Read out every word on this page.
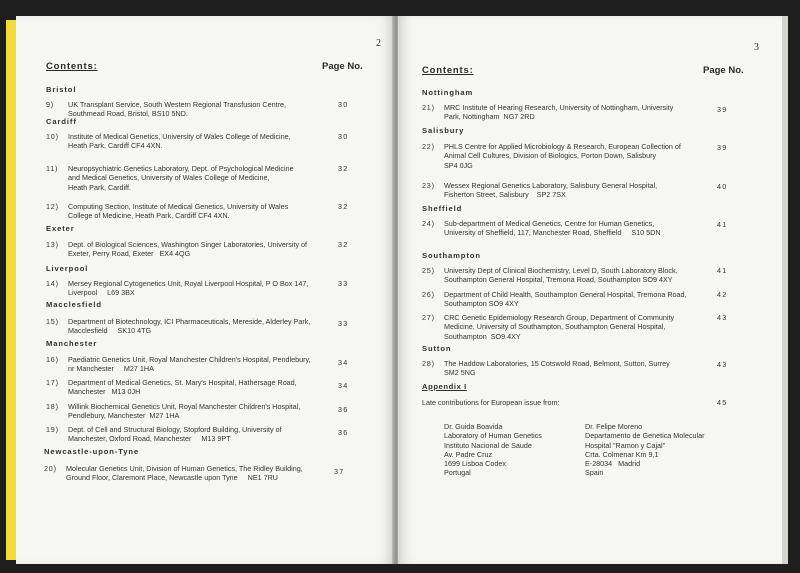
2
Contents:	Page No.
Bristol
9) UK Transplant Service, South Western Regional Transfusion Centre,
Southmead Road, Bristol, BS10 5ND.
30
Cardiff
10) Institute of Medical Genetics, University of Wales College of Medicine,
Heath Park, Cardiff CF4 4XN.
30
11) Neuropsychiatric Genetics Laboratory, Dept. of Psychological Medicine
and Medical Genetics, University of Wales College of Medicine,
Heath Park, Cardiff.
32
12) Computing Section, Institute of Medical Genetics, University of Wales
College of Medicine, Heath Park, Cardiff CF4 4XN.
32
Exeter
13) Dept. of Biological Sciences, Washington Singer Laboratories, University of
Exeter, Perry Road, Exeter   EX4 4QG
32
Liverpool
14) Mersey Regional Cytogenetics Unit, Royal Liverpool Hospital, P O Box 147,
Liverpool     L69 3BX
33
Macclesfield
15) Department of Biotechnology, ICI Pharmaceuticals, Mereside, Alderley Park,
Macclesfield     SK10 4TG
33
Manchester
16) Paediatric Genetics Unit, Royal Manchester Children's Hospital, Pendlebury,
nr Manchester     M27 1HA
34
17) Department of Medical Genetics, St. Mary's Hospital, Hathersage Road,
Manchester   M13 0JH
34
18) Willink Biochemical Genetics Unit, Royal Manchester Children's Hospital,
Pendlebury, Manchester  M27 1HA
36
19) Dept. of Cell and Structural Biology, Stopford Building, University of
Manchester, Oxford Road, Manchester     M13 9PT
36
Newcastle-upon-Tyne
20) Molecular Genetics Unit, Division of Human Genetics, The Ridley Building,
Ground Floor, Claremont Place, Newcastle upon Tyne     NE1 7RU
37
3
Contents:	Page No.
Nottingham
21) MRC Institute of Hearing Research, University of Nottingham, University
Park, Nottingham  NG7 2RD
39
Salisbury
22) PHLS Centre for Applied Microbiology & Research, European Collection of
Animal Cell Cultures, Division of Biologics, Porton Down, Salisbury
SP4 0JG
39
23) Wessex Regional Genetics Laboratory, Salisbury General Hospital,
Fisherton Street, Salisbury    SP2 7SX
40
Sheffield
24) Sub-department of Medical Genetics, Centre for Human Genetics,
University of Sheffield, 117, Manchester Road, Sheffield     S10 5DN
41
Southampton
25) University Dept of Clinical Biochemistry, Level D, South Laboratory Block,
Southampton General Hospital, Tremona Road, Southampton SO9 4XY
41
26) Department of Child Health, Southampton General Hospital, Tremona Road,
Southampton SO9 4XY
42
27) CRC Genetic Epidemiology Research Group, Department of Community
Medicine, University of Southampton, Southampton General Hospital,
Southampton  SO9 4XY
43
Sutton
28) The Haddow Laboratories, 15 Cotswold Road, Belmont, Sutton, Surrey
SM2 5NG
43
Appendix I
Late contributions for European issue from:	45
Dr. Guida Boavida
Laboratory of Human Genetics
Instituto Nacional de Saude
Av. Padre Cruz
1699 Lisboa Codex
Portugal
Dr. Felipe Moreno
Departamento de Genetica Molecular
Hospital "Ramon y Cajal"
Crta. Colmenar Km 9,1
E-28034   Madrid
Spain
